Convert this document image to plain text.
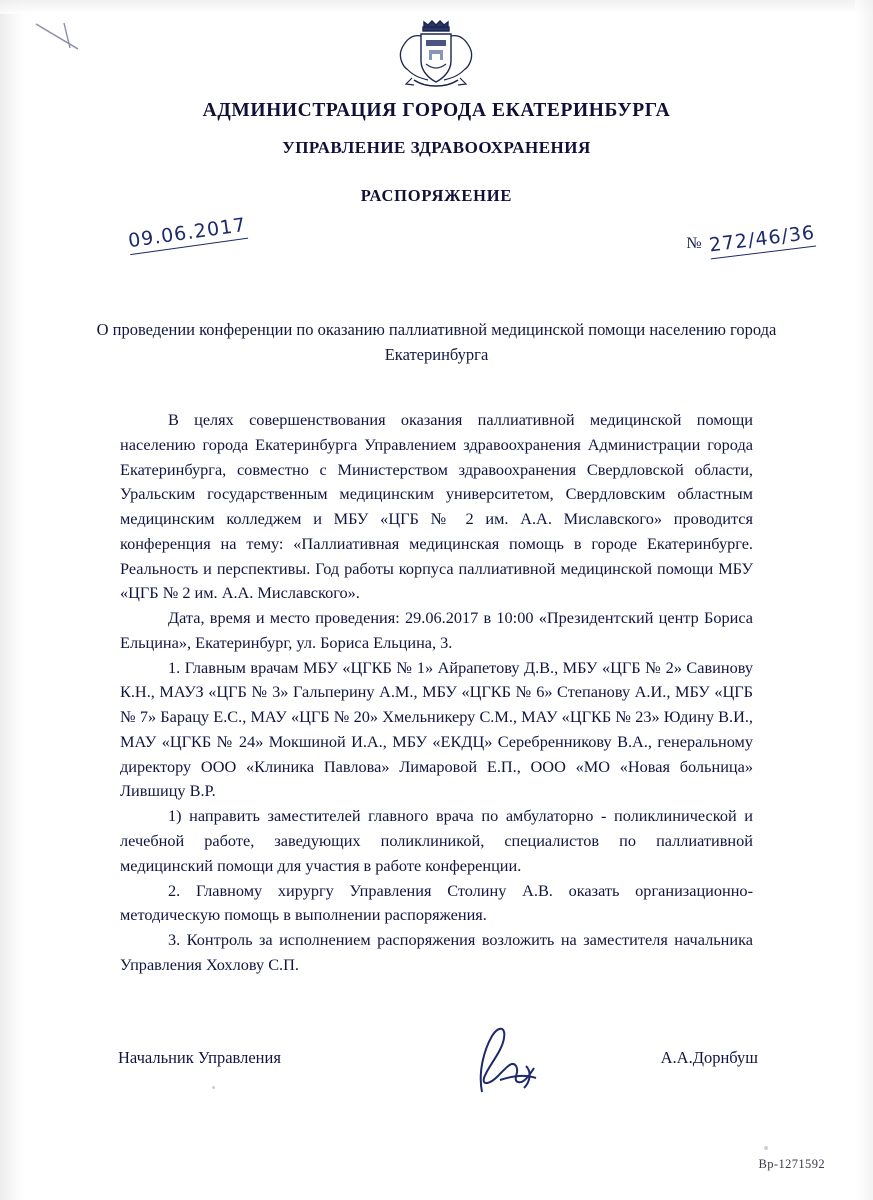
АДМИНИСТРАЦИЯ ГОРОДА ЕКАТЕРИНБУРГА
УПРАВЛЕНИЕ ЗДРАВООХРАНЕНИЯ
РАСПОРЯЖЕНИЕ
09.06.2017	№ 272/46/36
О проведении конференции по оказанию паллиативной медицинской помощи населению города Екатеринбурга

В целях совершенствования оказания паллиативной медицинской помощи населению города Екатеринбурга Управлением здравоохранения Администрации города Екатеринбурга, совместно с Министерством здравоохранения Свердловской области, Уральским государственным медицинским университетом, Свердловским областным медицинским колледжем и МБУ «ЦГБ № 2 им. А.А. Миславского» проводится конференция на тему: «Паллиативная медицинская помощь в городе Екатеринбурге. Реальность и перспективы. Год работы корпуса паллиативной медицинской помощи МБУ «ЦГБ № 2 им. А.А. Миславского».

Дата, время и место проведения: 29.06.2017 в 10:00 «Президентский центр Бориса Ельцина», Екатеринбург, ул. Бориса Ельцина, 3.

1. Главным врачам МБУ «ЦГКБ № 1» Айрапетову Д.В., МБУ «ЦГБ № 2» Савинову К.Н., МАУЗ «ЦГБ № 3» Гальперину А.М., МБУ «ЦГКБ № 6» Степанову А.И., МБУ «ЦГБ № 7» Барацу Е.С., МАУ «ЦГБ № 20» Хмельникеру С.М., МАУ «ЦГКБ № 23» Юдину В.И., МАУ «ЦГКБ № 24» Мокшиной И.А., МБУ «ЕКДЦ» Серебренникову В.А., генеральному директору ООО «Клиника Павлова» Лимаровой Е.П., ООО «МО «Новая больница» Лившицу В.Р.

1) направить заместителей главного врача по амбулаторно - поликлинической и лечебной работе, заведующих поликлиникой, специалистов по паллиативной медицинский помощи для участия в работе конференции.

2. Главному хирургу Управления Столину А.В. оказать организационно-методическую помощь в выполнении распоряжения.

3. Контроль за исполнением распоряжения возложить на заместителя начальника Управления Хохлову С.П.

Начальник Управления	А.А.Дорнбуш
Вр-1271592
